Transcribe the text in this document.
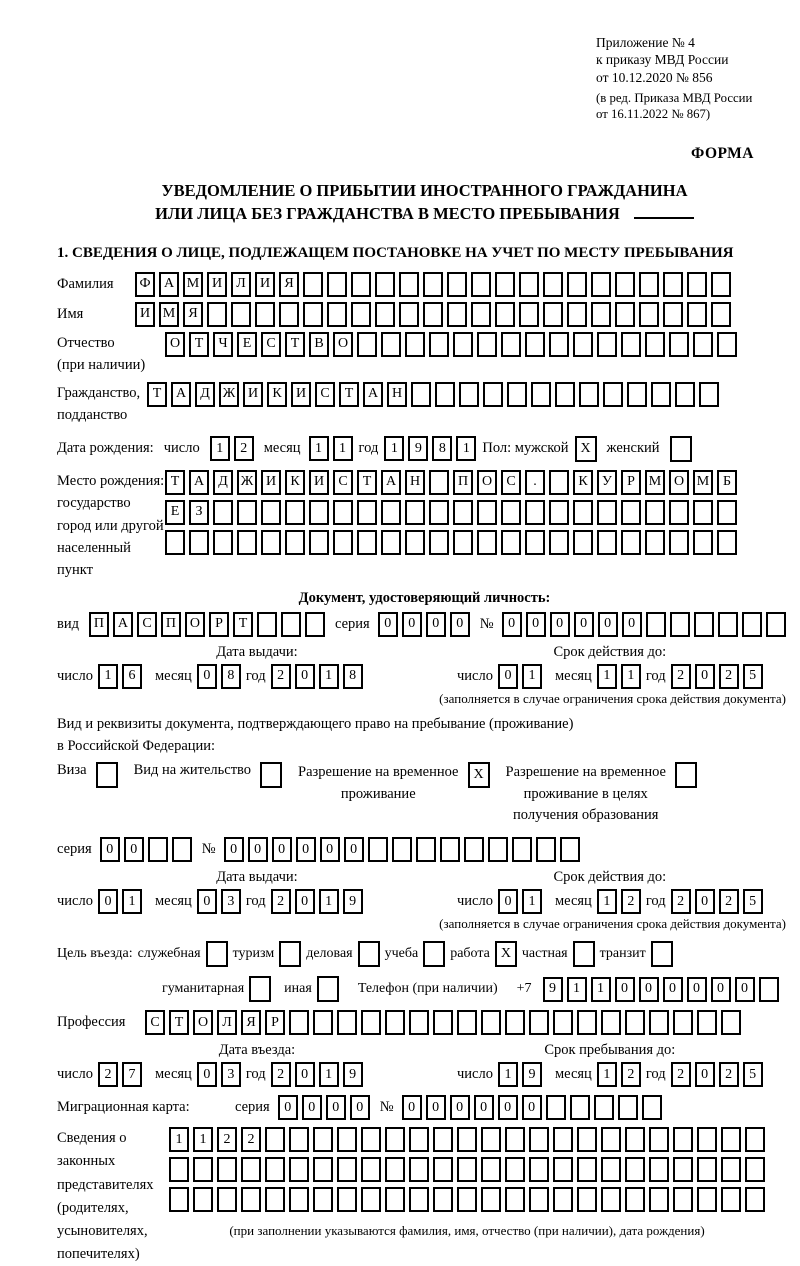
Приложение № 4
к приказу МВД России
от 10.12.2020 № 856
(в ред. Приказа МВД России
от 16.11.2022 № 867)
ФОРМА
УВЕДОМЛЕНИЕ О ПРИБЫТИИ ИНОСТРАННОГО ГРАЖДАНИНА
ИЛИ ЛИЦА БЕЗ ГРАЖДАНСТВА В МЕСТО ПРЕБЫВАНИЯ
1. СВЕДЕНИЯ О ЛИЦЕ, ПОДЛЕЖАЩЕМ ПОСТАНОВКЕ НА УЧЕТ ПО МЕСТУ ПРЕБЫВАНИЯ
Фамилия	Ф А М И	Л	И	Я
Имя	И М Я
Отчество
(при наличии)
О	Т	Ч	Е	С	Т	В	О
Гражданство,
подданство
Т	А	Д Ж И	К	И	С	Т	А Н
Дата рождения: число	1	2	месяц	1	1 год 1	9	8	1 Пол: мужской X	женский
Место рождения:
государство
город или другой
населенный пункт
Т	А	Д Ж И	К	И	С	Т	А Н	П О	С	.	К	У	Р М О М Б
Е	З
Документ, удостоверяющий личность:
вид	П А	С	П О	Р	Т	серия	0	0	0	0	№	0	0	0	0	0	0
Дата выдачи:
число 1	6	месяц 0	8 год 2	0	1	8
Срок действия до:
число 0	1	месяц 1	1 год 2	0	2	5
(заполняется в случае ограничения срока действия документа)
Вид и реквизиты документа, подтверждающего право на пребывание (проживание)
в Российской Федерации:
Виза	Вид на жительство	Разрешение на временное
проживание
X	Разрешение на временное
проживание в целях
получения образования
серия	0	0	№	0	0	0	0	0	0
Дата выдачи:
число 0	1	месяц 0	3 год 2	0	1	9
Срок действия до:
число 0	1	месяц 1	2 год 2	0	2	5
(заполняется в случае ограничения срока действия документа)
Цель въезда: служебная туризм деловая учеба работа X частная транзит
гуманитарная	иная	Телефон (при наличии) +7	9	1	1	0	0	0	0	0	0
Профессия	С	Т	О	Л	Я	Р
Дата въезда:
число 2	7	месяц 0	3 год 2	0	1	9
Срок пребывания до:
число 1	9	месяц 1	2 год 2	0	2	5
Миграционная карта:	серия	0	0	0	0	№	0	0	0	0	0	0
Сведения о
законных
представителях
(родителях,
усыновителях,
попечителях)
1	1	2	2
(при заполнении указываются фамилия, имя, отчество (при наличии), дата рождения)
